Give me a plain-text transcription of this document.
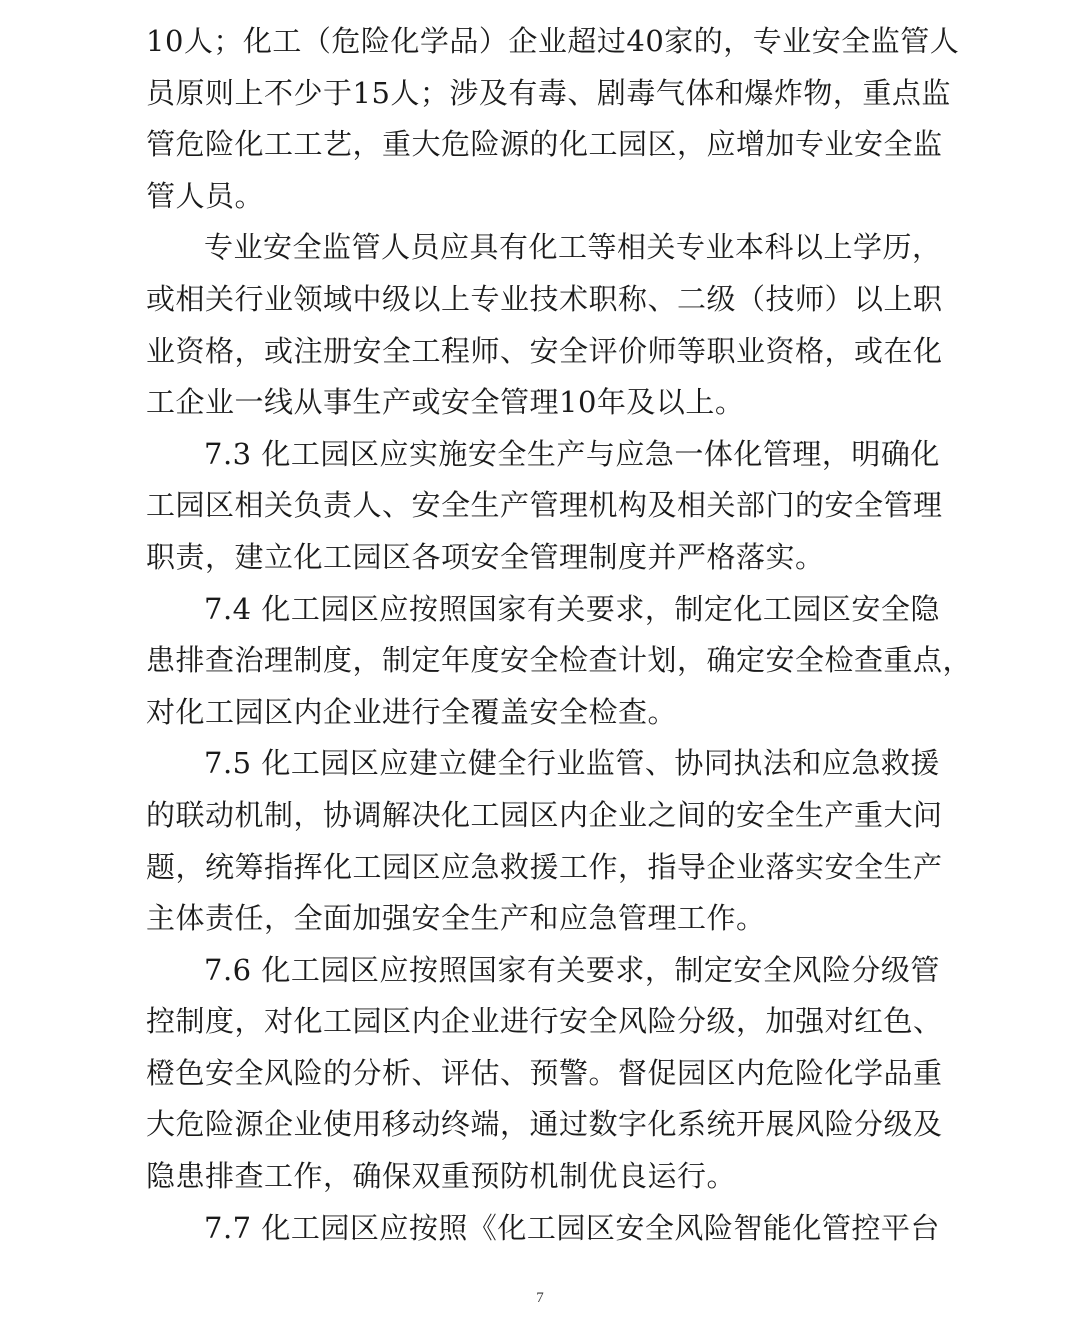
10人；化工（危险化学品）企业超过40家的，专业安全监管人
员原则上不少于15人；涉及有毒、剧毒气体和爆炸物，重点监
管危险化工工艺，重大危险源的化工园区，应增加专业安全监
管人员。
专业安全监管人员应具有化工等相关专业本科以上学历，
或相关行业领域中级以上专业技术职称、二级（技师）以上职
业资格，或注册安全工程师、安全评价师等职业资格，或在化
工企业一线从事生产或安全管理10年及以上。
7.3 化工园区应实施安全生产与应急一体化管理，明确化
工园区相关负责人、安全生产管理机构及相关部门的安全管理
职责，建立化工园区各项安全管理制度并严格落实。
7.4 化工园区应按照国家有关要求，制定化工园区安全隐
患排查治理制度，制定年度安全检查计划，确定安全检查重点，
对化工园区内企业进行全覆盖安全检查。
7.5 化工园区应建立健全行业监管、协同执法和应急救援
的联动机制，协调解决化工园区内企业之间的安全生产重大问
题，统筹指挥化工园区应急救援工作，指导企业落实安全生产
主体责任，全面加强安全生产和应急管理工作。
7.6 化工园区应按照国家有关要求，制定安全风险分级管
控制度，对化工园区内企业进行安全风险分级，加强对红色、
橙色安全风险的分析、评估、预警。督促园区内危险化学品重
大危险源企业使用移动终端，通过数字化系统开展风险分级及
隐患排查工作，确保双重预防机制优良运行。
7.7 化工园区应按照《化工园区安全风险智能化管控平台
7
